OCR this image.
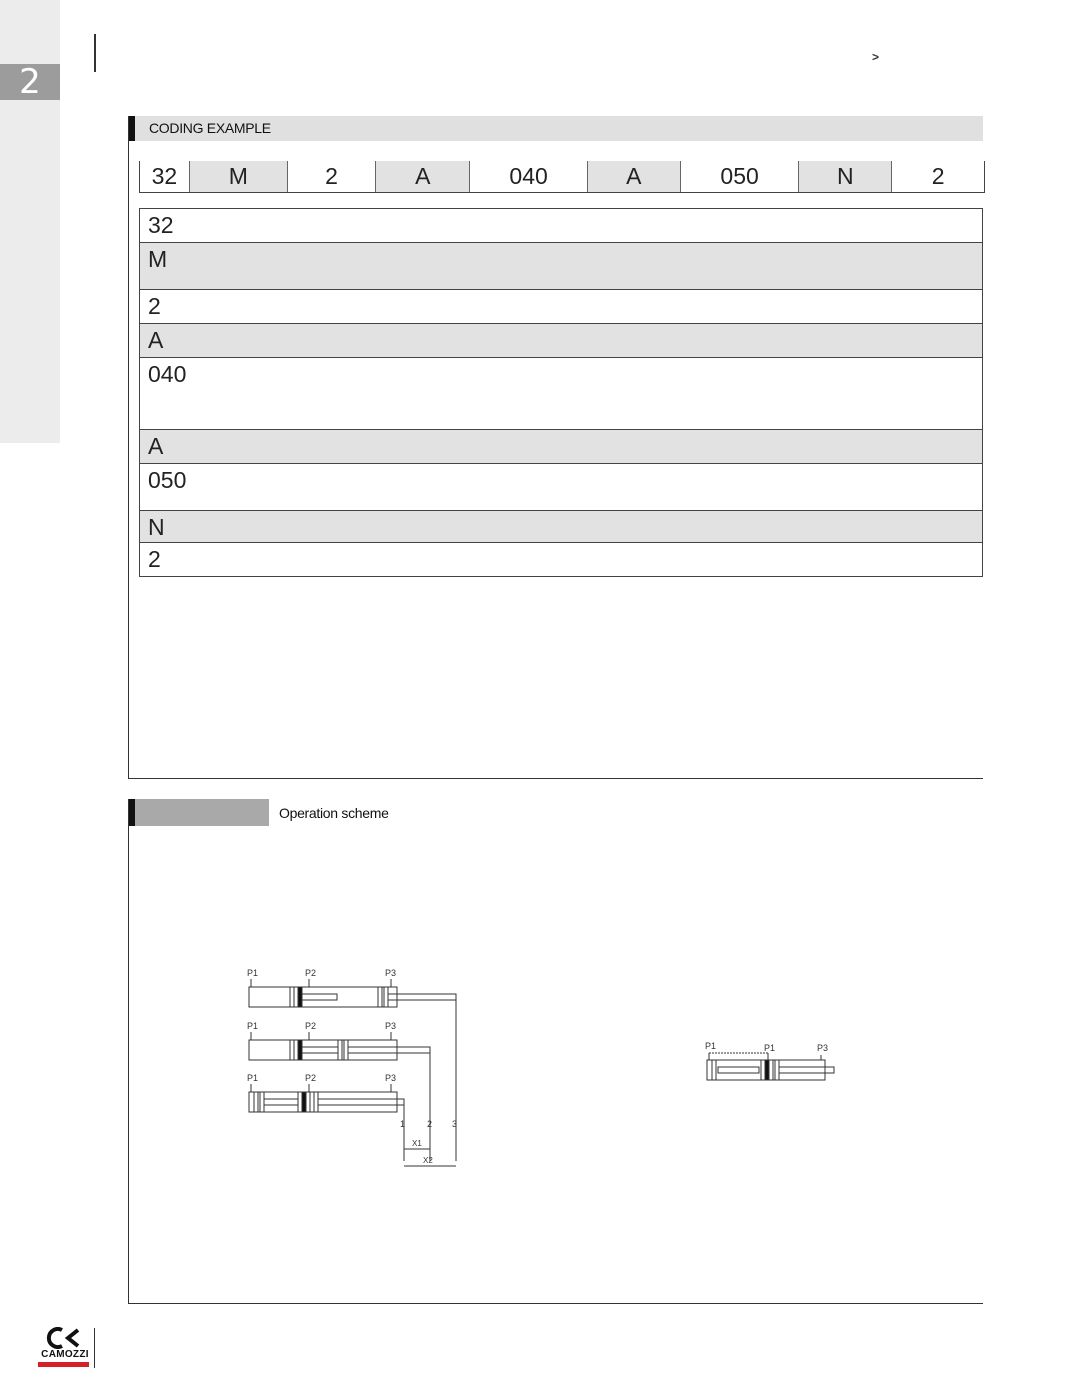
2
>
CODING EXAMPLE
32	M	2	A	040	A	050	N	2
32
M
2
A
040
A
050
N
2
Operation scheme
P1	P2	P3
P1	P2	P3
P1	P2	P3
1 2 3
X1
X2
P1	P1	P3
CAMOZZI
